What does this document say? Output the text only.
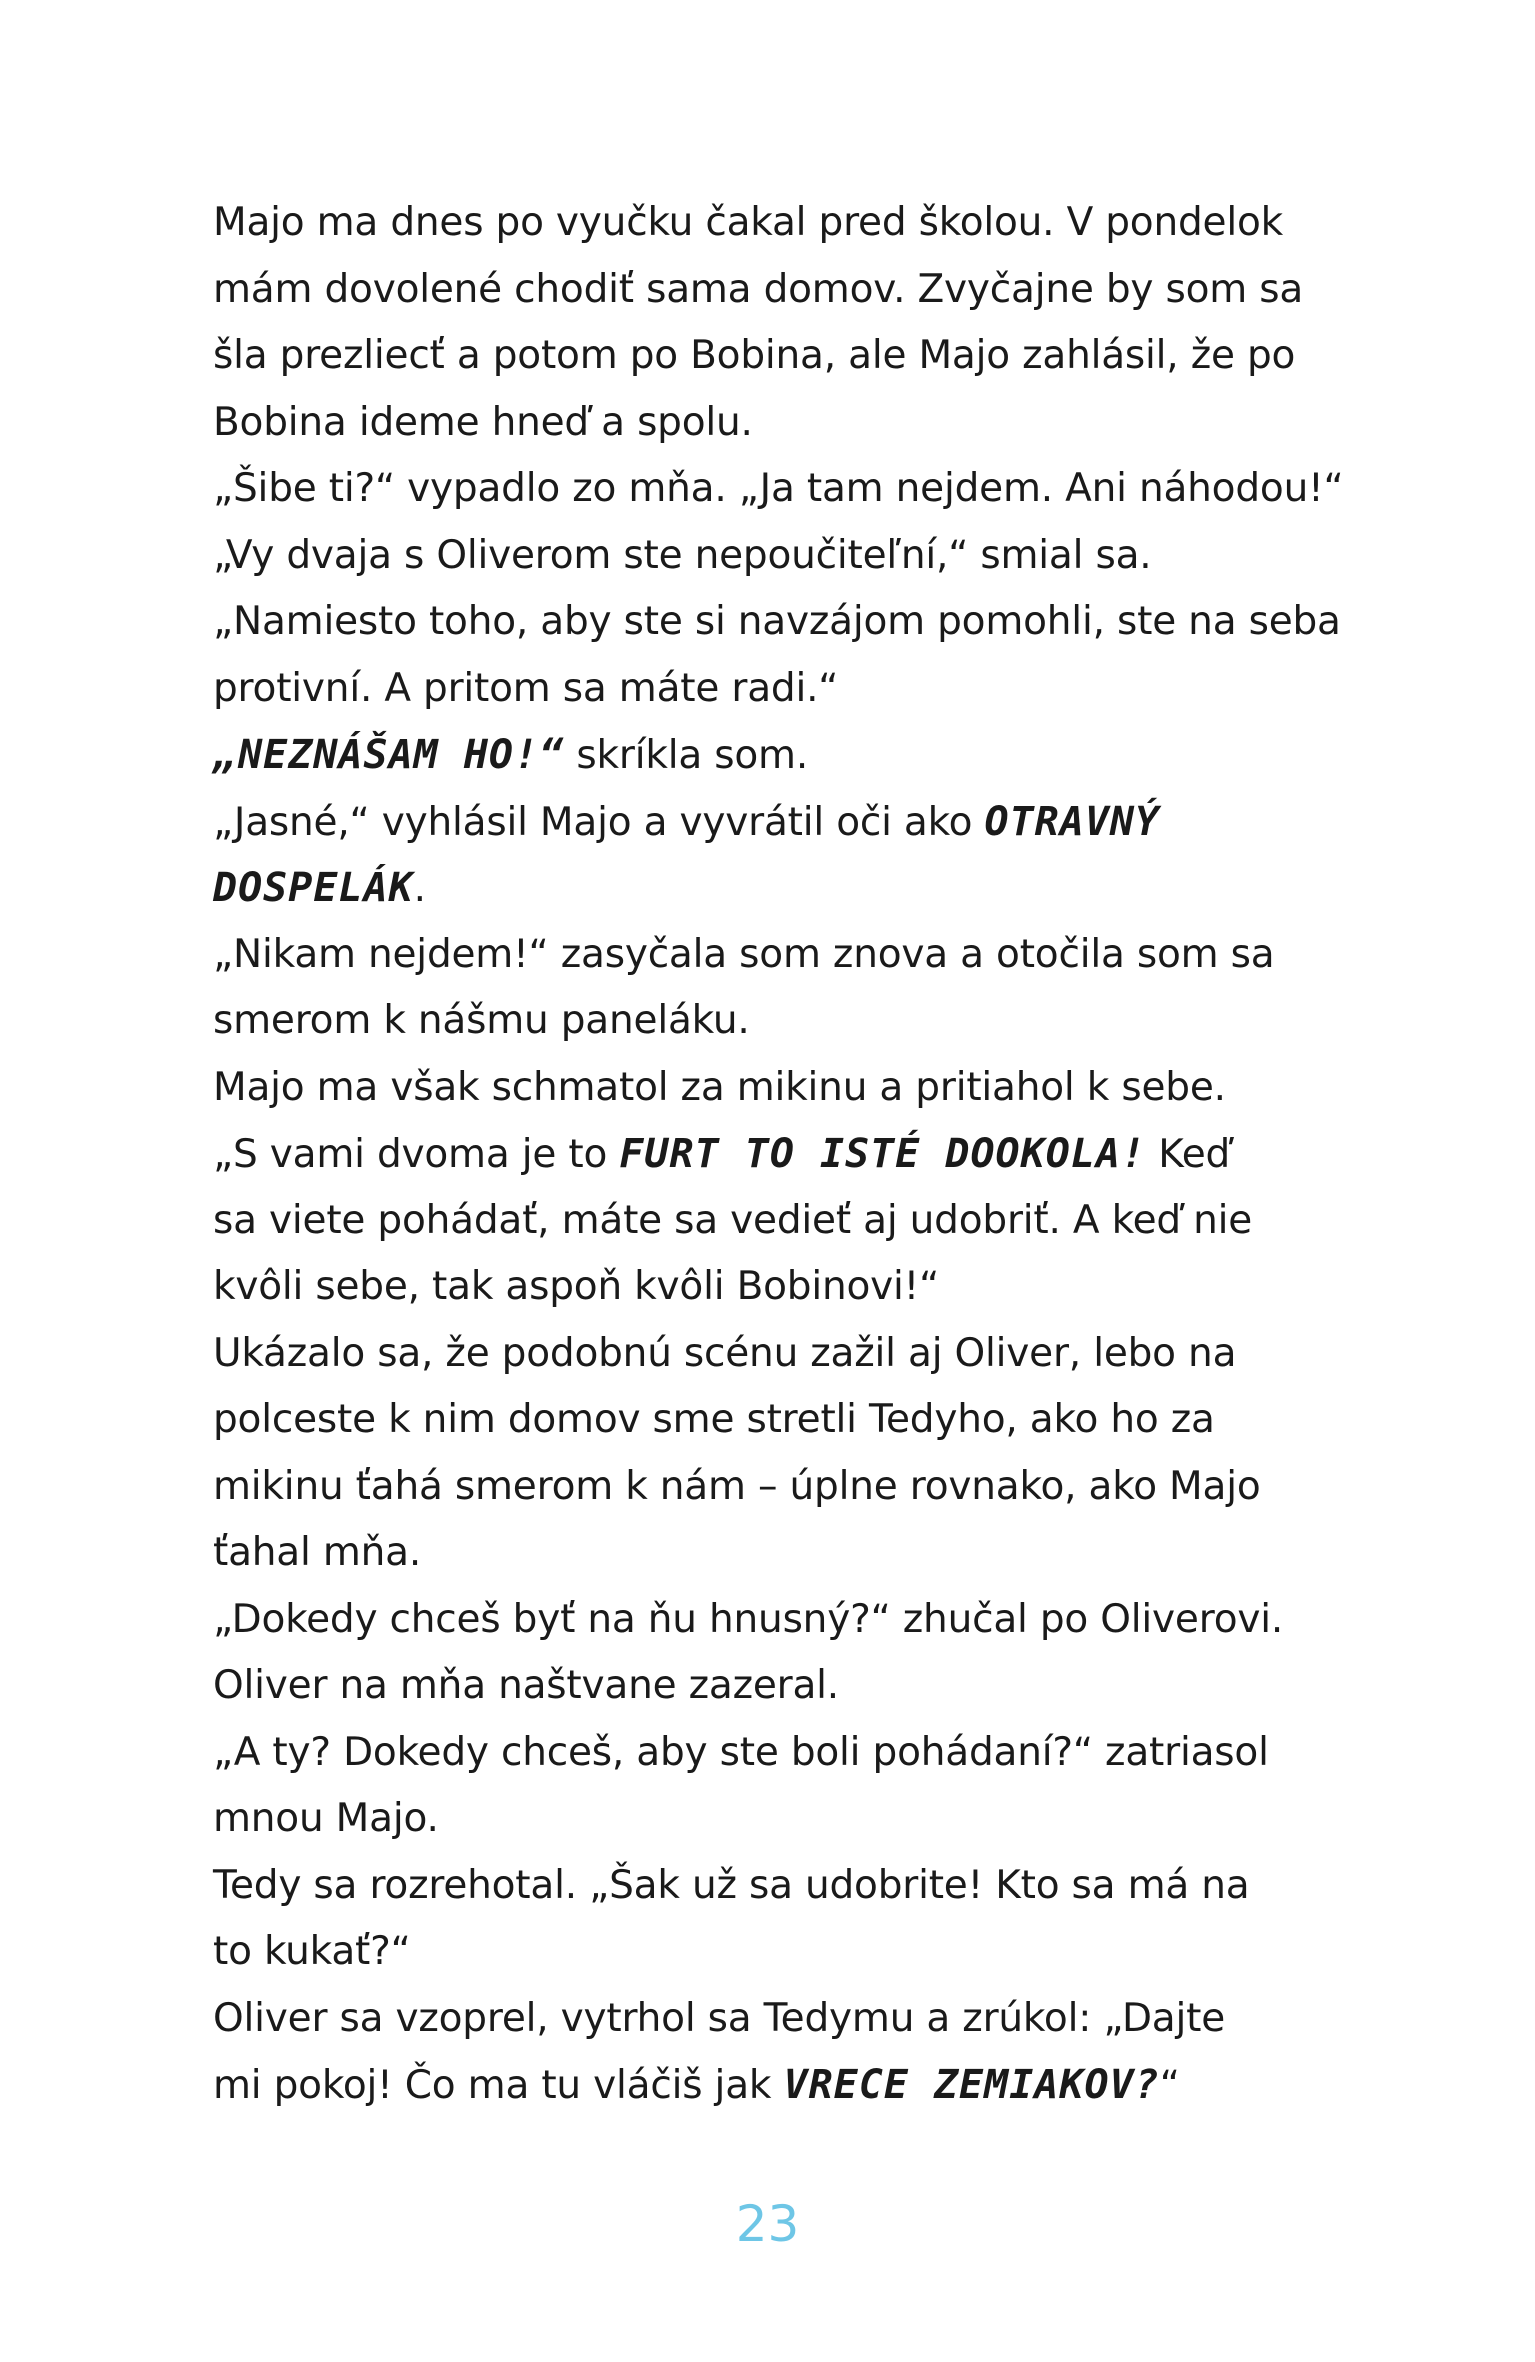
Majo ma dnes po vyučku čakal pred školou. V pondelok
mám dovolené chodiť sama domov. Zvyčajne by som sa
šla prezliecť a potom po Bobina, ale Majo zahlásil, že po
Bobina ideme hneď a spolu.
„Šibe ti?“ vypadlo zo mňa. „Ja tam nejdem. Ani náhodou!“
„Vy dvaja s Oliverom ste nepoučiteľní,“ smial sa.
„Namiesto toho, aby ste si navzájom pomohli, ste na seba
protivní. A pritom sa máte radi.“
„NEZNÁŠAM HO!“ skríkla som.
„Jasné,“ vyhlásil Majo a vyvrátil oči ako OTRAVNÝ
DOSPELÁK.
„Nikam nejdem!“ zasyčala som znova a otočila som sa
smerom k nášmu paneláku.
Majo ma však schmatol za mikinu a pritiahol k sebe.
„S vami dvoma je to FURT TO ISTÉ DOOKOLA! Keď
sa viete pohádať, máte sa vedieť aj udobriť. A keď nie
kvôli sebe, tak aspoň kvôli Bobinovi!“
Ukázalo sa, že podobnú scénu zažil aj Oliver, lebo na
polceste k nim domov sme stretli Tedyho, ako ho za
mikinu ťahá smerom k nám – úplne rovnako, ako Majo
ťahal mňa.
„Dokedy chceš byť na ňu hnusný?“ zhučal po Oliverovi.
Oliver na mňa naštvane zazeral.
„A ty? Dokedy chceš, aby ste boli pohádaní?“ zatriasol
mnou Majo.
Tedy sa rozrehotal. „Šak už sa udobrite! Kto sa má na
to kukať?“
Oliver sa vzoprel, vytrhol sa Tedymu a zrúkol: „Dajte
mi pokoj! Čo ma tu vláčiš jak VRECE ZEMIAKOV?“
23
